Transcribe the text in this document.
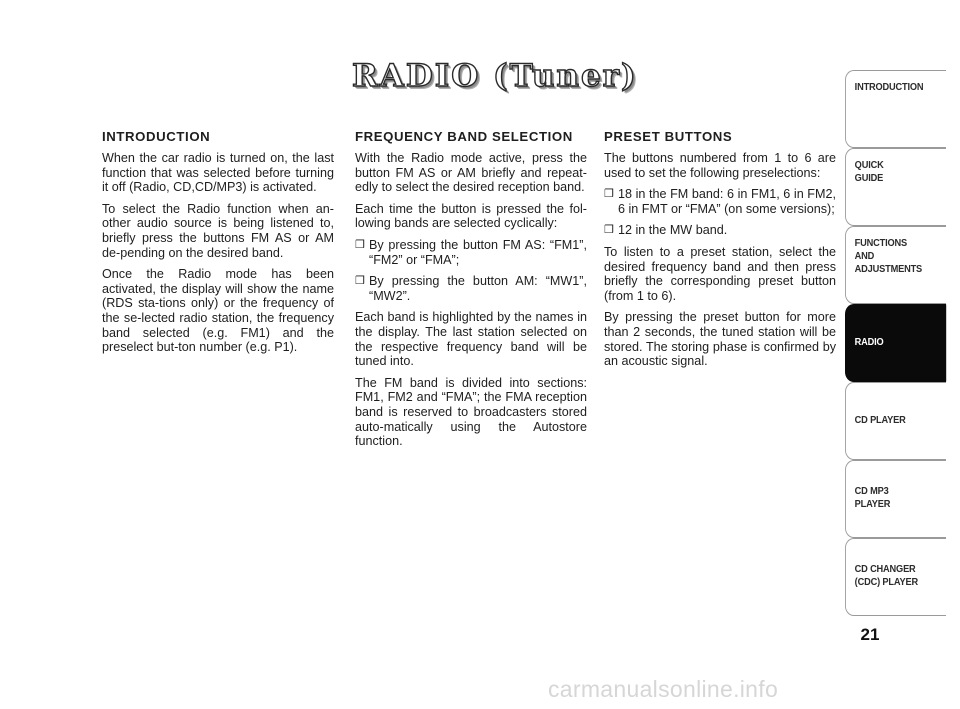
RADIO (Tuner)
INTRODUCTION

When the car radio is turned on, the last function that was selected before turning it off (Radio, CD,CD/MP3) is activated.

To select the Radio function when an-other audio source is being listened to, briefly press the buttons FM AS or AM de-pending on the desired band.

Once the Radio mode has been activated, the display will show the name (RDS sta-tions only) or the frequency of the se-lected radio station, the frequency band selected (e.g. FM1) and the preselect but-ton number (e.g. P1).

FREQUENCY BAND SELECTION

With the Radio mode active, press the button FM AS or AM briefly and repeat-edly to select the desired reception band.

Each time the button is pressed the fol-lowing bands are selected cyclically:

❒ By pressing the button FM AS: “FM1”, “FM2” or “FMA”;
❒ By pressing the button AM: “MW1”, “MW2”.

Each band is highlighted by the names in the display. The last station selected on the respective frequency band will be tuned into.

The FM band is divided into sections: FM1, FM2 and “FMA”; the FMA reception band is reserved to broadcasters stored auto-matically using the Autostore function.

PRESET BUTTONS

The buttons numbered from 1 to 6 are used to set the following preselections:

❒ 18 in the FM band: 6 in FM1, 6 in FM2, 6 in FMT or “FMA” (on some versions);
❒ 12 in the MW band.

To listen to a preset station, select the desired frequency band and then press briefly the corresponding preset button (from 1 to 6).

By pressing the preset button for more than 2 seconds, the tuned station will be stored. The storing phase is confirmed by an acoustic signal.

INTRODUCTION
QUICK
GUIDE
FUNCTIONS
AND
ADJUSTMENTS
RADIO
CD PLAYER
CD MP3
PLAYER
CD CHANGER
(CDC) PLAYER
21
carmanualsonline.info
